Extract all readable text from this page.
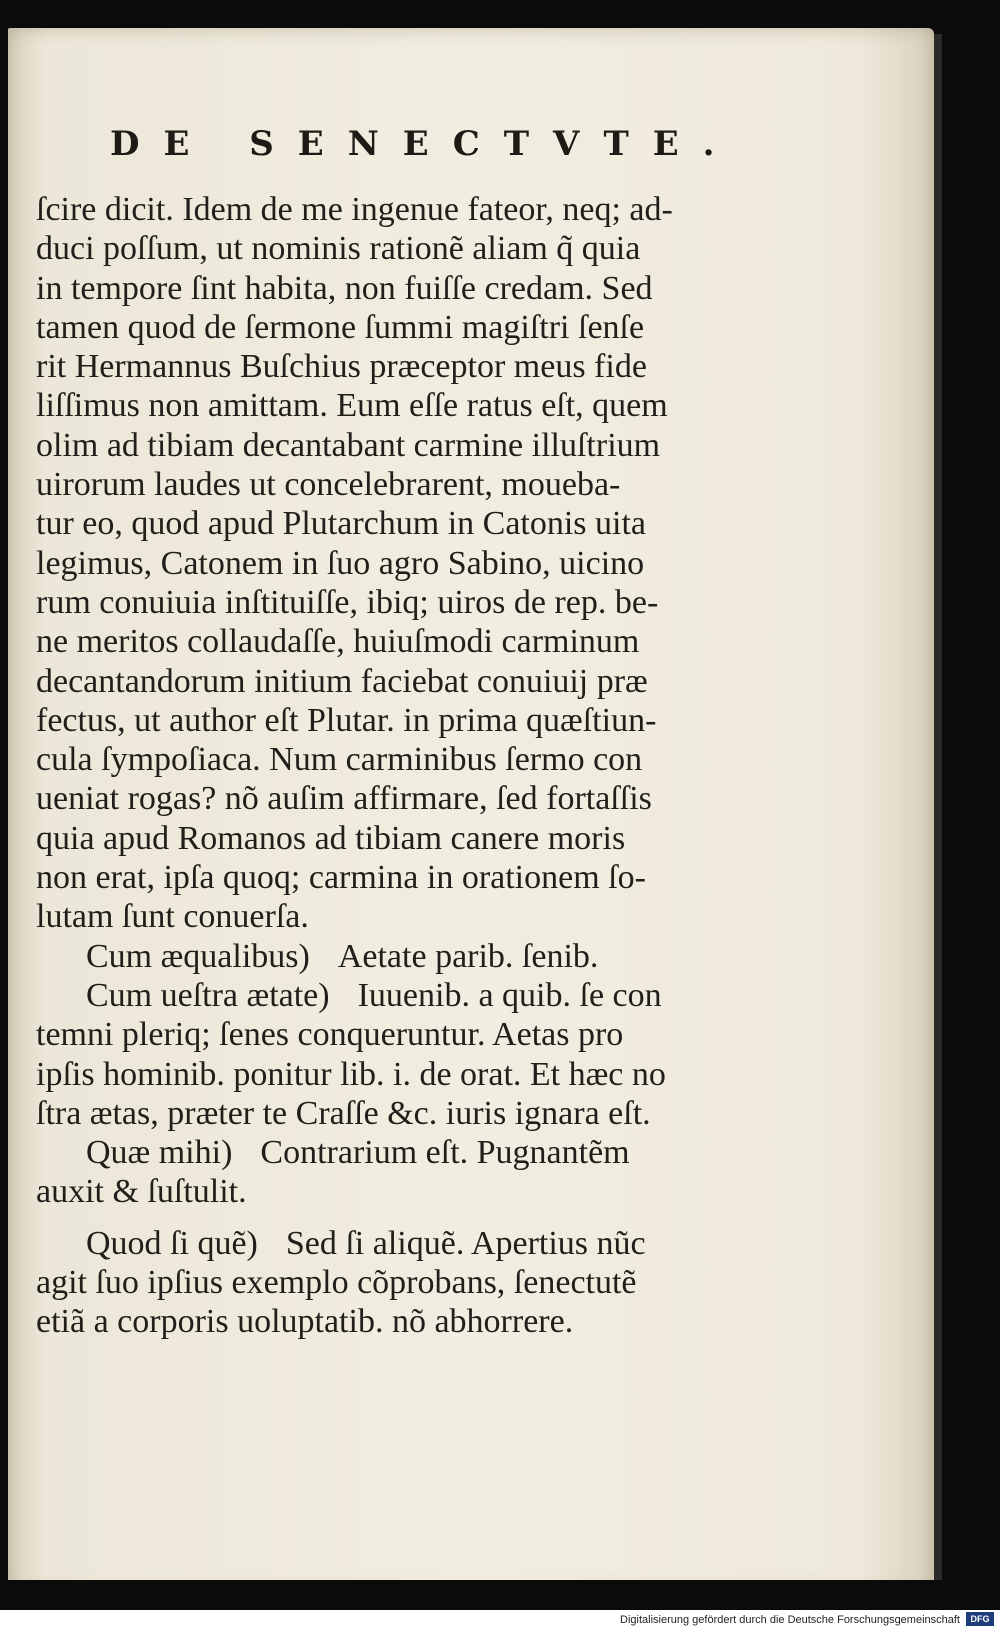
DE SENECTVTE.
ſcire dicit. Idem de me ingenue fateor, neq; ad-
duci poſſum, ut nominis rationẽ aliam q̃ quia
in tempore ſint habita, non fuiſſe credam. Sed
tamen quod de ſermone ſummi magiſtri ſenſe
rit Hermannus Buſchius præceptor meus fide
liſſimus non amittam. Eum eſſe ratus eſt, quem
olim ad tibiam decantabant carmine illuſtrium
uirorum laudes ut concelebrarent, moueba-
tur eo, quod apud Plutarchum in Catonis uita
legimus, Catonem in ſuo agro Sabino, uicino
rum conuiuia inſtituiſſe, ibiq; uiros de rep. be-
ne meritos collaudaſſe, huiuſmodi carminum
decantandorum initium faciebat conuiuĳ præ
fectus, ut author eſt Plutar. in prima quæſtiun-
cula ſympoſiaca. Num carminibus ſermo con
ueniat rogas? nõ auſim affirmare, ſed fortaſſis
quia apud Romanos ad tibiam canere moris
non erat, ipſa quoq; carmina in orationem ſo-
lutam ſunt conuerſa.
Cum æqualibus) Aetate parib. ſenib.
Cum ueſtra ætate) Iuuenib. a quib. ſe con
temni pleriq; ſenes conqueruntur. Aetas pro
ipſis hominib. ponitur lib. i. de orat. Et hæc no
ſtra ætas, præter te Craſſe &c. iuris ignara eſt.
Quæ mihi) Contrarium eſt. Pugnantẽm
auxit & ſuſtulit.
Quod ſi quẽ) Sed ſi aliquẽ. Apertius nũc
agit ſuo ipſius exemplo cõprobans, ſenectutẽ
etiã a corporis uoluptatib. nõ abhorrere.
Digitalisierung gefördert durch die Deutsche Forschungsgemeinschaft	DFG
